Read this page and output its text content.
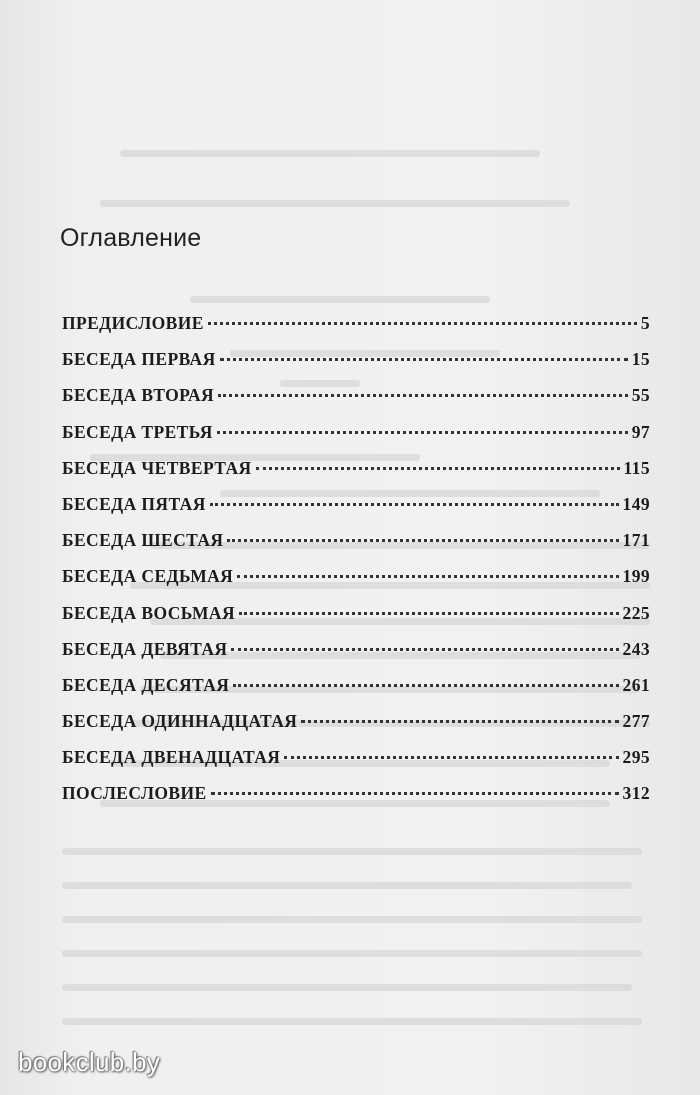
Оглавление
ПРЕДИСЛОВИЕ	5
БЕСЕДА ПЕРВАЯ	15
БЕСЕДА ВТОРАЯ	55
БЕСЕДА ТРЕТЬЯ	97
БЕСЕДА ЧЕТВЕРТАЯ	115
БЕСЕДА ПЯТАЯ	149
БЕСЕДА ШЕСТАЯ	171
БЕСЕДА СЕДЬМАЯ	199
БЕСЕДА ВОСЬМАЯ	225
БЕСЕДА ДЕВЯТАЯ	243
БЕСЕДА ДЕСЯТАЯ	261
БЕСЕДА ОДИННАДЦАТАЯ	277
БЕСЕДА ДВЕНАДЦАТАЯ	295
ПОСЛЕСЛОВИЕ	312
bookclub.by
